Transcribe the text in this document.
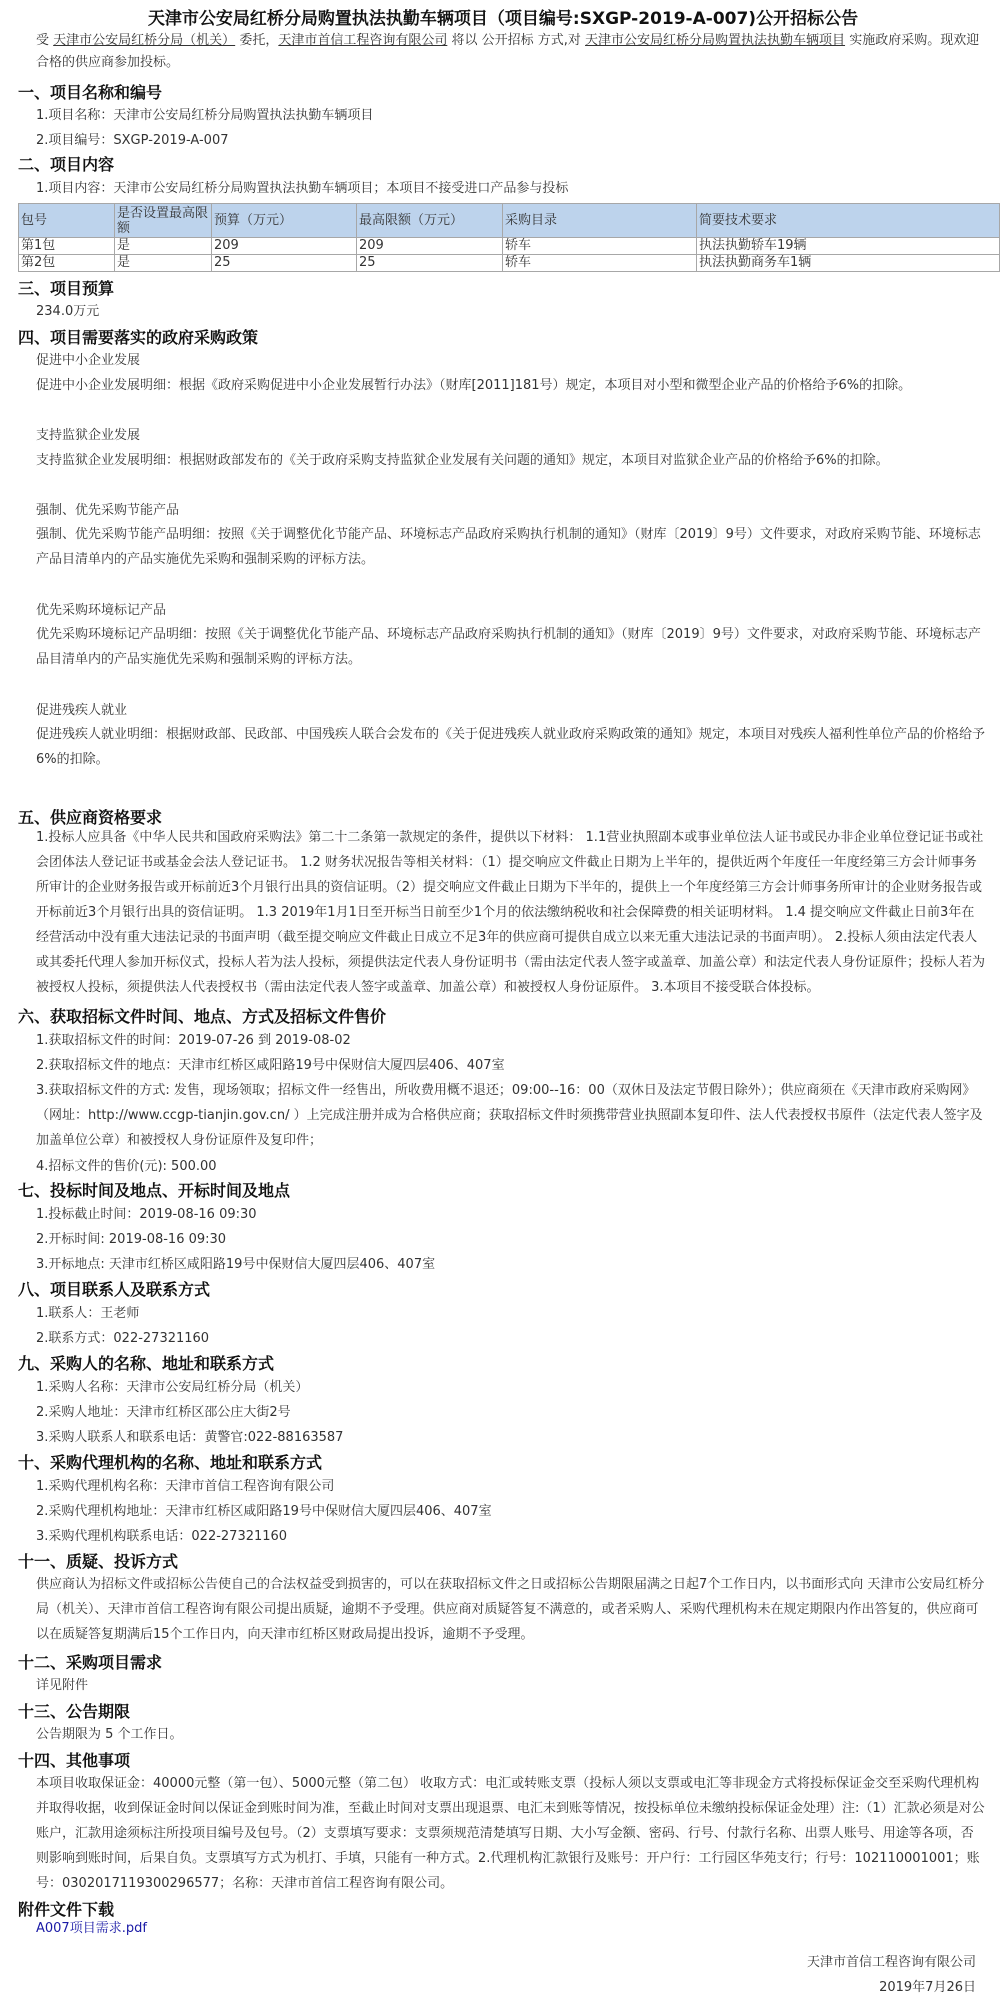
天津市公安局红桥分局购置执法执勤车辆项目（项目编号:SXGP-2019-A-007)公开招标公告
受 天津市公安局红桥分局（机关） 委托，天津市首信工程咨询有限公司 将以 公开招标 方式,对 天津市公安局红桥分局购置执法执勤车辆项目 实施政府采购。现欢迎合格的供应商参加投标。
一、项目名称和编号
1.项目名称：天津市公安局红桥分局购置执法执勤车辆项目
2.项目编号：SXGP-2019-A-007
二、项目内容
1.项目内容：天津市公安局红桥分局购置执法执勤车辆项目；本项目不接受进口产品参与投标
包号	是否设置最高限额	预算（万元）	最高限额（万元）	采购目录	简要技术要求
第1包	是	209	209	轿车	执法执勤轿车19辆
第2包	是	25	25	轿车	执法执勤商务车1辆
三、项目预算
234.0万元
四、项目需要落实的政府采购政策
促进中小企业发展
促进中小企业发展明细：根据《政府采购促进中小企业发展暂行办法》（财库[2011]181号）规定，本项目对小型和微型企业产品的价格给予6%的扣除。
支持监狱企业发展
支持监狱企业发展明细：根据财政部发布的《关于政府采购支持监狱企业发展有关问题的通知》规定，本项目对监狱企业产品的价格给予6%的扣除。
强制、优先采购节能产品
强制、优先采购节能产品明细：按照《关于调整优化节能产品、环境标志产品政府采购执行机制的通知》（财库〔2019〕9号）文件要求，对政府采购节能、环境标志产品目清单内的产品实施优先采购和强制采购的评标方法。
优先采购环境标记产品
优先采购环境标记产品明细：按照《关于调整优化节能产品、环境标志产品政府采购执行机制的通知》（财库〔2019〕9号）文件要求，对政府采购节能、环境标志产品目清单内的产品实施优先采购和强制采购的评标方法。
促进残疾人就业
促进残疾人就业明细：根据财政部、民政部、中国残疾人联合会发布的《关于促进残疾人就业政府采购政策的通知》规定，本项目对残疾人福利性单位产品的价格给予6%的扣除。
五、供应商资格要求
1.投标人应具备《中华人民共和国政府采购法》第二十二条第一款规定的条件，提供以下材料： 1.1营业执照副本或事业单位法人证书或民办非企业单位登记证书或社会团体法人登记证书或基金会法人登记证书。 1.2 财务状况报告等相关材料：（1）提交响应文件截止日期为上半年的，提供近两个年度任一年度经第三方会计师事务所审计的企业财务报告或开标前近3个月银行出具的资信证明。（2）提交响应文件截止日期为下半年的，提供上一个年度经第三方会计师事务所审计的企业财务报告或开标前近3个月银行出具的资信证明。 1.3 2019年1月1日至开标当日前至少1个月的依法缴纳税收和社会保障费的相关证明材料。 1.4 提交响应文件截止日前3年在经营活动中没有重大违法记录的书面声明（截至提交响应文件截止日成立不足3年的供应商可提供自成立以来无重大违法记录的书面声明）。 2.投标人须由法定代表人或其委托代理人参加开标仪式，投标人若为法人投标，须提供法定代表人身份证明书（需由法定代表人签字或盖章、加盖公章）和法定代表人身份证原件；投标人若为被授权人投标，须提供法人代表授权书（需由法定代表人签字或盖章、加盖公章）和被授权人身份证原件。 3.本项目不接受联合体投标。
六、获取招标文件时间、地点、方式及招标文件售价
1.获取招标文件的时间：2019-07-26 到 2019-08-02
2.获取招标文件的地点：天津市红桥区咸阳路19号中保财信大厦四层406、407室
3.获取招标文件的方式: 发售，现场领取；招标文件一经售出，所收费用概不退还；09:00--16：00（双休日及法定节假日除外）；供应商须在《天津市政府采购网》（网址：http://www.ccgp-tianjin.gov.cn/ ）上完成注册并成为合格供应商；获取招标文件时须携带营业执照副本复印件、法人代表授权书原件（法定代表人签字及加盖单位公章）和被授权人身份证原件及复印件；
4.招标文件的售价(元): 500.00
七、投标时间及地点、开标时间及地点
1.投标截止时间：2019-08-16 09:30
2.开标时间: 2019-08-16 09:30
3.开标地点: 天津市红桥区咸阳路19号中保财信大厦四层406、407室
八、项目联系人及联系方式
1.联系人：王老师
2.联系方式：022-27321160
九、采购人的名称、地址和联系方式
1.采购人名称：天津市公安局红桥分局（机关）
2.采购人地址：天津市红桥区邵公庄大街2号
3.采购人联系人和联系电话：黄警官:022-88163587
十、采购代理机构的名称、地址和联系方式
1.采购代理机构名称：天津市首信工程咨询有限公司
2.采购代理机构地址：天津市红桥区咸阳路19号中保财信大厦四层406、407室
3.采购代理机构联系电话：022-27321160
十一、质疑、投诉方式
供应商认为招标文件或招标公告使自己的合法权益受到损害的，可以在获取招标文件之日或招标公告期限届满之日起7个工作日内，以书面形式向 天津市公安局红桥分局（机关）、天津市首信工程咨询有限公司提出质疑，逾期不予受理。供应商对质疑答复不满意的，或者采购人、采购代理机构未在规定期限内作出答复的，供应商可以在质疑答复期满后15个工作日内，向天津市红桥区财政局提出投诉，逾期不予受理。
十二、采购项目需求
详见附件
十三、公告期限
公告期限为 5 个工作日。
十四、其他事项
本项目收取保证金：40000元整（第一包）、5000元整（第二包） 收取方式：电汇或转账支票（投标人须以支票或电汇等非现金方式将投标保证金交至采购代理机构并取得收据，收到保证金时间以保证金到账时间为准，至截止时间对支票出现退票、电汇未到账等情况，按投标单位未缴纳投标保证金处理）注:（1）汇款必须是对公账户，汇款用途须标注所投项目编号及包号。（2）支票填写要求：支票须规范清楚填写日期、大小写金额、密码、行号、付款行名称、出票人账号、用途等各项，否则影响到账时间，后果自负。支票填写方式为机打、手填，只能有一种方式。2.代理机构汇款银行及账号：开户行：工行园区华苑支行；行号：102110001001；账号：0302017119300296577；名称：天津市首信工程咨询有限公司。
附件文件下载
A007项目需求.pdf
天津市首信工程咨询有限公司
2019年7月26日
